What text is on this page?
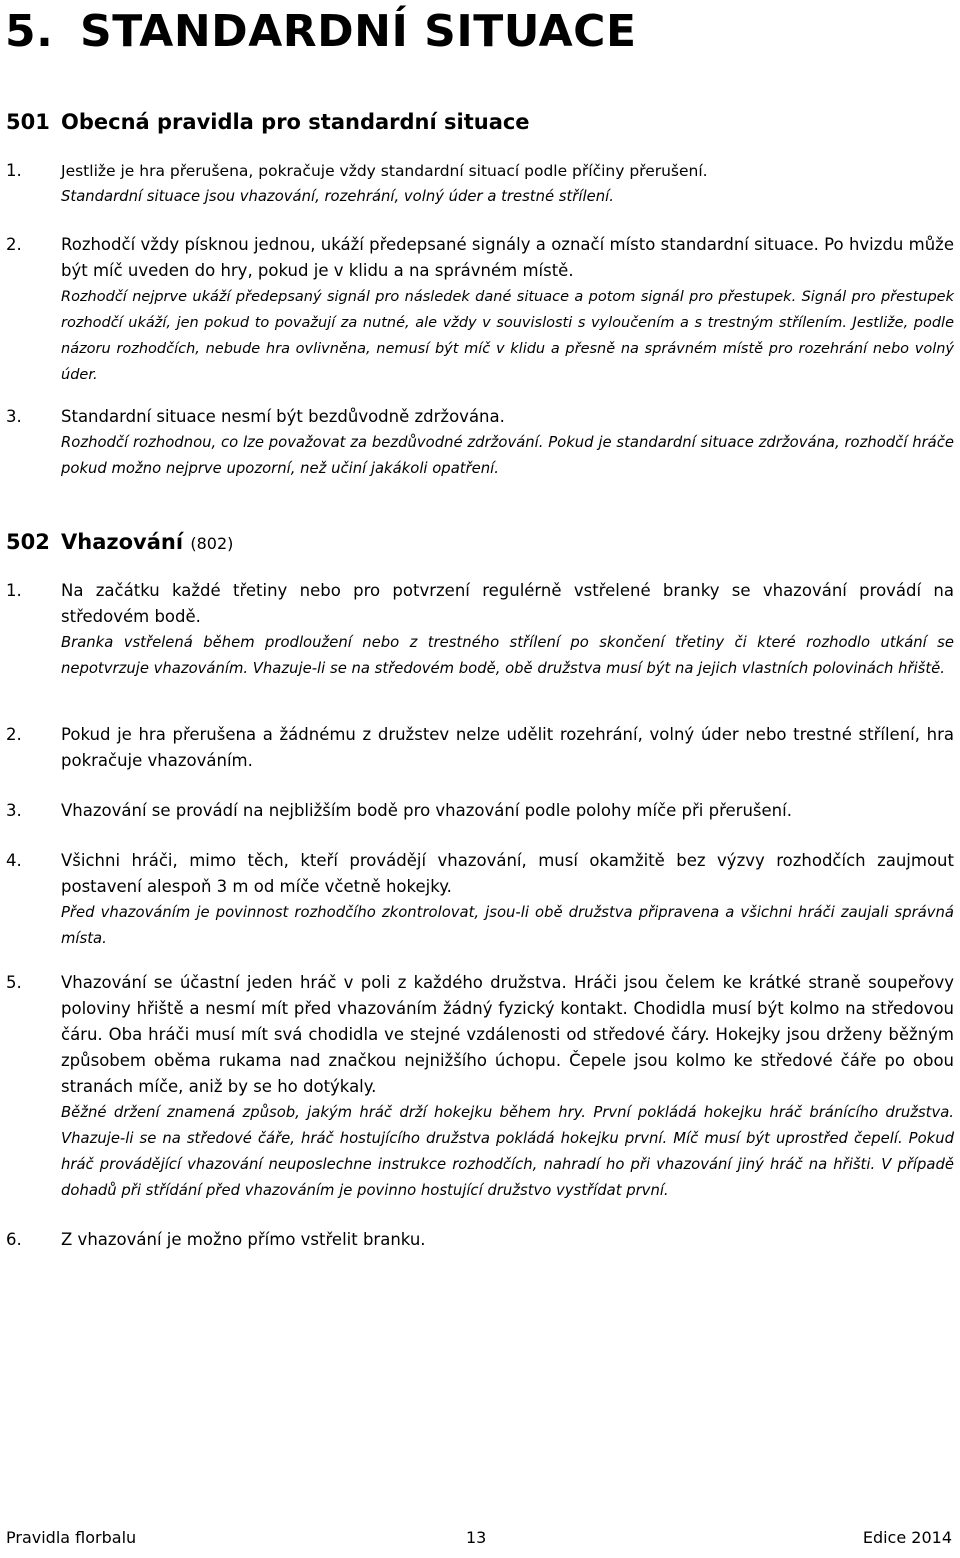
5. STANDARDNÍ SITUACE
501 Obecná pravidla pro standardní situace
1.	Jestliže je hra přerušena, pokračuje vždy standardní situací podle příčiny přerušení.

Standardní situace jsou vhazování, rozehrání, volný úder a trestné střílení.

2. Rozhodčí vždy písknou jednou, ukáží předepsané signály a označí místo standardní situace. Po hvizdu může být míč uveden do hry, pokud je v klidu a na správném místě.

Rozhodčí nejprve ukáží předepsaný signál pro následek dané situace a potom signál pro přestupek. Signál pro přestupek rozhodčí ukáží, jen pokud to považují za nutné, ale vždy v souvislosti s vyloučením a s trestným střílením. Jestliže, podle názoru rozhodčích, nebude hra ovlivněna, nemusí být míč v klidu a přesně na správném místě pro rozehrání nebo volný úder.

3. Standardní situace nesmí být bezdůvodně zdržována.

Rozhodčí rozhodnou, co lze považovat za bezdůvodné zdržování. Pokud je standardní situace zdržována, rozhodčí hráče pokud možno nejprve upozorní, než učiní jakákoli opatření.

502 Vhazování (802)
1. Na začátku každé třetiny nebo pro potvrzení regulérně vstřelené branky se vhazování provádí na středovém bodě.

Branka vstřelená během prodloužení nebo z trestného střílení po skončení třetiny či které rozhodlo utkání se nepotvrzuje vhazováním. Vhazuje-li se na středovém bodě, obě družstva musí být na jejich vlastních polovinách hřiště.

2. Pokud je hra přerušena a žádnému z družstev nelze udělit rozehrání, volný úder nebo trestné střílení, hra pokračuje vhazováním.

3. Vhazování se provádí na nejbližším bodě pro vhazování podle polohy míče při přerušení.

4. Všichni hráči, mimo těch, kteří provádějí vhazování, musí okamžitě bez výzvy rozhodčích zaujmout postavení alespoň 3 m od míče včetně hokejky.

Před vhazováním je povinnost rozhodčího zkontrolovat, jsou-li obě družstva připravena a všichni hráči zaujali správná místa.

5. Vhazování se účastní jeden hráč v poli z každého družstva. Hráči jsou čelem ke krátké straně soupeřovy poloviny hřiště a nesmí mít před vhazováním žádný fyzický kontakt. Chodidla musí být kolmo na středovou čáru. Oba hráči musí mít svá chodidla ve stejné vzdálenosti od středové čáry. Hokejky jsou drženy běžným způsobem oběma rukama nad značkou nejnižšího úchopu. Čepele jsou kolmo ke středové čáře po obou stranách míče, aniž by se ho dotýkaly.

Běžné držení znamená způsob, jakým hráč drží hokejku během hry. První pokládá hokejku hráč bránícího družstva. Vhazuje-li se na středové čáře, hráč hostujícího družstva pokládá hokejku první. Míč musí být uprostřed čepelí. Pokud hráč provádějící vhazování neuposlechne instrukce rozhodčích, nahradí ho při vhazování jiný hráč na hřišti. V případě dohadů při střídání před vhazováním je povinno hostující družstvo vystřídat první.

6. Z vhazování je možno přímo vstřelit branku.

Pravidla florbalu	13	Edice 2014
